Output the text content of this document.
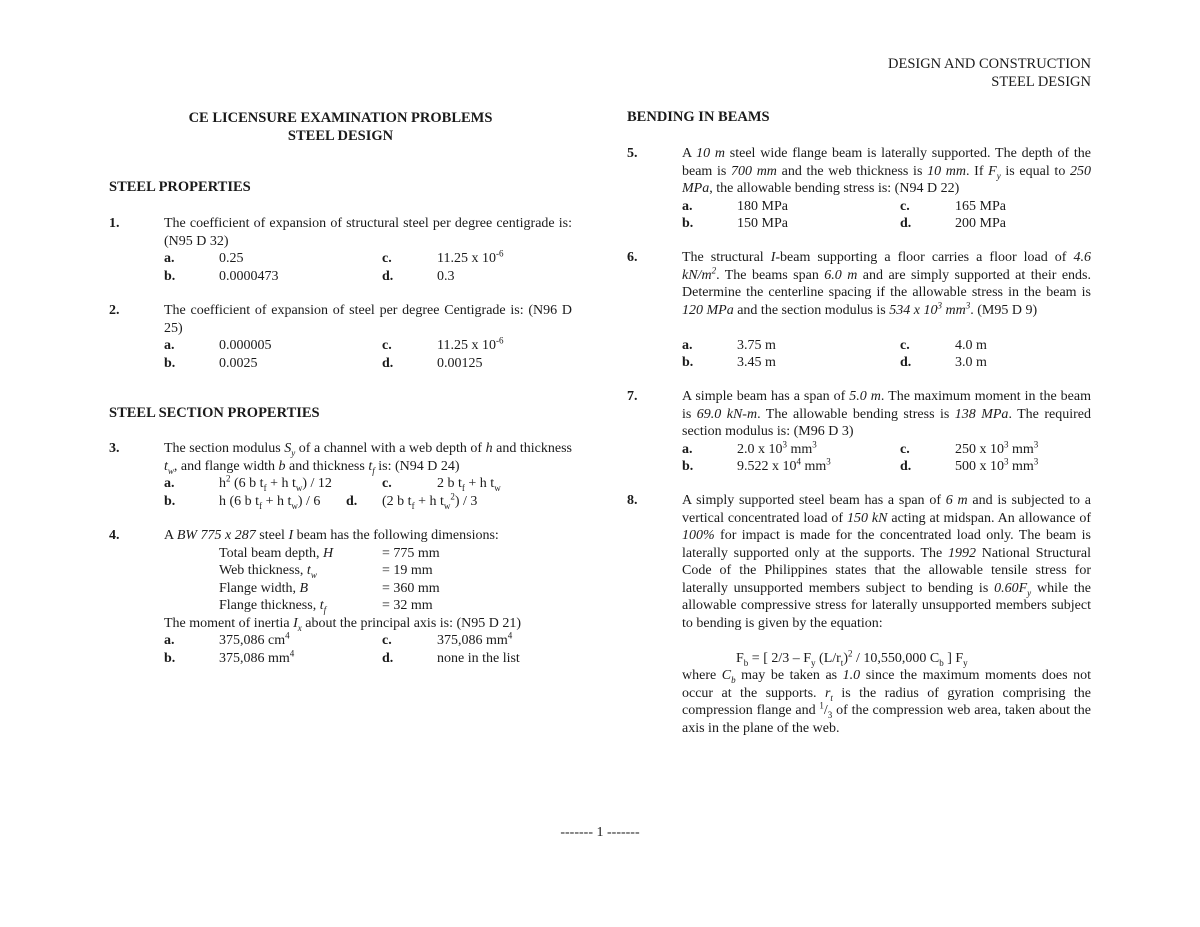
DESIGN AND CONSTRUCTION
STEEL DESIGN
CE LICENSURE EXAMINATION PROBLEMS
STEEL DESIGN
STEEL PROPERTIES
1.	The coefficient of expansion of structural steel per degree centigrade is: (N95 D 32)
a.	0.25	c.	11.25 x $10^{-6}$
b.	0.0000473	d.	0.3
2.	The coefficient of expansion of steel per degree Centigrade is: (N96 D 25)
a.	0.000005	c.	11.25 x $10^{-6}$
b.	0.0025	d.	0.00125
STEEL SECTION PROPERTIES
3.	The section modulus $S_y$ of a channel with a web depth of h and thickness $t_w$, and flange width b and thickness $t_f$ is: (N94 D 24)
a.	$h^2$ (6 b $t_f + h$ $t_w) / 12$	c.	2 b $t_f + h$ $t_w$
b.	h (6 b $t_f + h$ $t_w) / 6$ d. (2 b $t_f + h$ $t_w^2) / 3$
4.	A BW 775 x 287 steel I beam has the following dimensions:
Total beam depth, H	= 775 mm
Web thickness, $t_w$	= 19 mm
Flange width, B	= 360 mm
Flange thickness, $t_f$	= 32 mm
The moment of inertia $I_x$ about the principal axis is: (N95 D 21)
a.	375,086 $cm^4$	c.	375,086 $mm^4$
b.	375,086 $mm^4$	d.	none in the list
BENDING IN BEAMS
5.	A 10 m steel wide flange beam is laterally supported. The depth of the beam is 700 mm and the web thickness is 10 mm. If $F_y$ is equal to 250 MPa, the allowable bending stress is: (N94 D 22)
a.	180 MPa	c.	165 MPa
b.	150 MPa	d.	200 MPa
6.	The structural I-beam supporting a floor carries a floor load of 4.6 $kN/m^2$. The beams span 6.0 m and are simply supported at their ends. Determine the centerline spacing if the allowable stress in the beam is 120 MPa and the section modulus is 534 x $10^3$ $mm^3$. (M95 D 9)
a.	3.75 m	c.	4.0 m
b.	3.45 m	d.	3.0 m
7.	A simple beam has a span of 5.0 m. The maximum moment in the beam is 69.0 kN-m. The allowable bending stress is 138 MPa. The required section modulus is: (M96 D 3)
a.	2.0 x $10^3$ $mm^3$	c.	250 x $10^3$ $mm^3$
b.	9.522 x $10^4$ $mm^3$	d.	500 x $10^3$ $mm^3$
8.	A simply supported steel beam has a span of 6 m and is subjected to a vertical concentrated load of 150 kN acting at midspan. An allowance of 100% for impact is made for the concentrated load only. The beam is laterally supported only at the supports. The 1992 National Structural Code of the Philippines states that the allowable tensile stress for laterally unsupported members subject to bending is $0.60F_y$ while the allowable compressive stress for laterally unsupported members subject to bending is given by the equation:
$F_b$ = [ $2/3 - F_y$ $(L/r_t)^2 / 10,550,000$ $C_b$ ] $F_y$
where $C_b$ may be taken as 1.0 since the maximum moments does not occur at the supports. $r_t$ is the radius of gyration comprising the compression flange and $^1/_3$ of the compression web area, taken about the axis in the plane of the web.
------- 1 -------
